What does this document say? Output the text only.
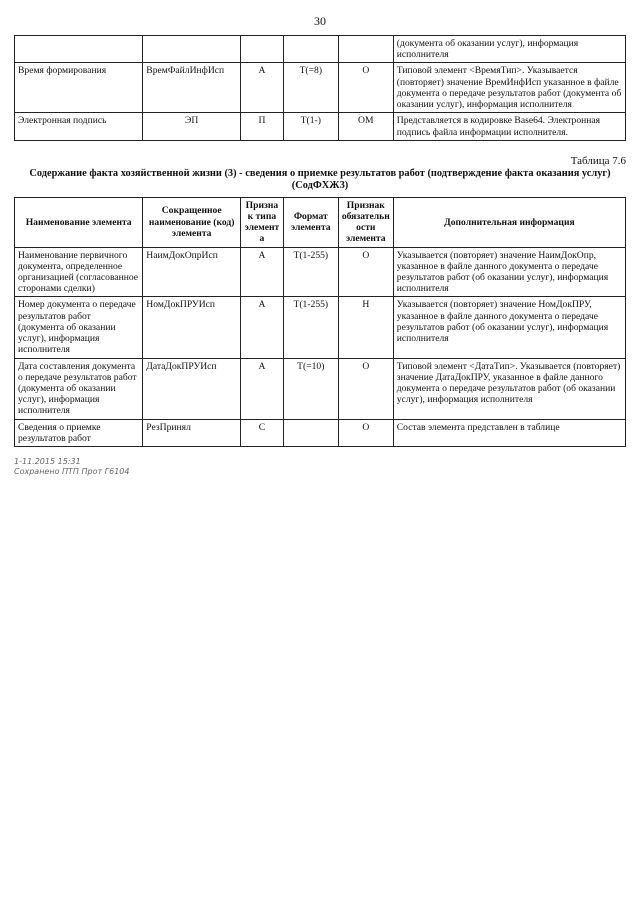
30
					(документа об оказании услуг), информация исполнителя
Время формирования	ВремФайлИнфИсп	А	T(=8)	О	Типовой элемент <ВремяТип>. Указывается (повторяет) значение ВремИнфИсп указанное в файле документа о передаче результатов работ (документа об оказании услуг), информация исполнителя
Электронная подпись	ЭП	П	T(1-)	ОМ	Представляется в кодировке Base64. Электронная подпись файла информации исполнителя.
Таблица 7.6
Содержание факта хозяйственной жизни (3) - сведения о приемке результатов работ (подтверждение факта оказания услуг) (СодФХЖ3)
Наименование элемента	Сокращенное наименование (код) элемента	Признак типа элемента	Формат элемента	Признак обязательности элемента	Дополнительная информация
Наименование первичного документа, определенное организацией (согласованное сторонами сделки)	НаимДокОпрИсп	А	T(1-255)	О	Указывается (повторяет) значение НаимДокОпр, указанное в файле данного документа о передаче результатов работ (об оказании услуг), информация исполнителя
Номер документа о передаче результатов работ (документа об оказании услуг), информация исполнителя	НомДокПРУИсп	А	T(1-255)	Н	Указывается (повторяет) значение НомДокПРУ, указанное в файле данного документа о передаче результатов работ (об оказании услуг), информация исполнителя
Дата составления документа о передаче результатов работ (документа об оказании услуг), информация исполнителя	ДатаДокПРУИсп	А	T(=10)	О	Типовой элемент <ДатаТип>. Указывается (повторяет) значение ДатаДокПРУ, указанное в файле данного документа о передаче результатов работ (об оказании услуг), информация исполнителя
Сведения о приемке результатов работ	РезПринял	С		О	Состав элемента представлен в таблице
1-11.2015 15:31
Сохранено ПТП Прот Г6104
